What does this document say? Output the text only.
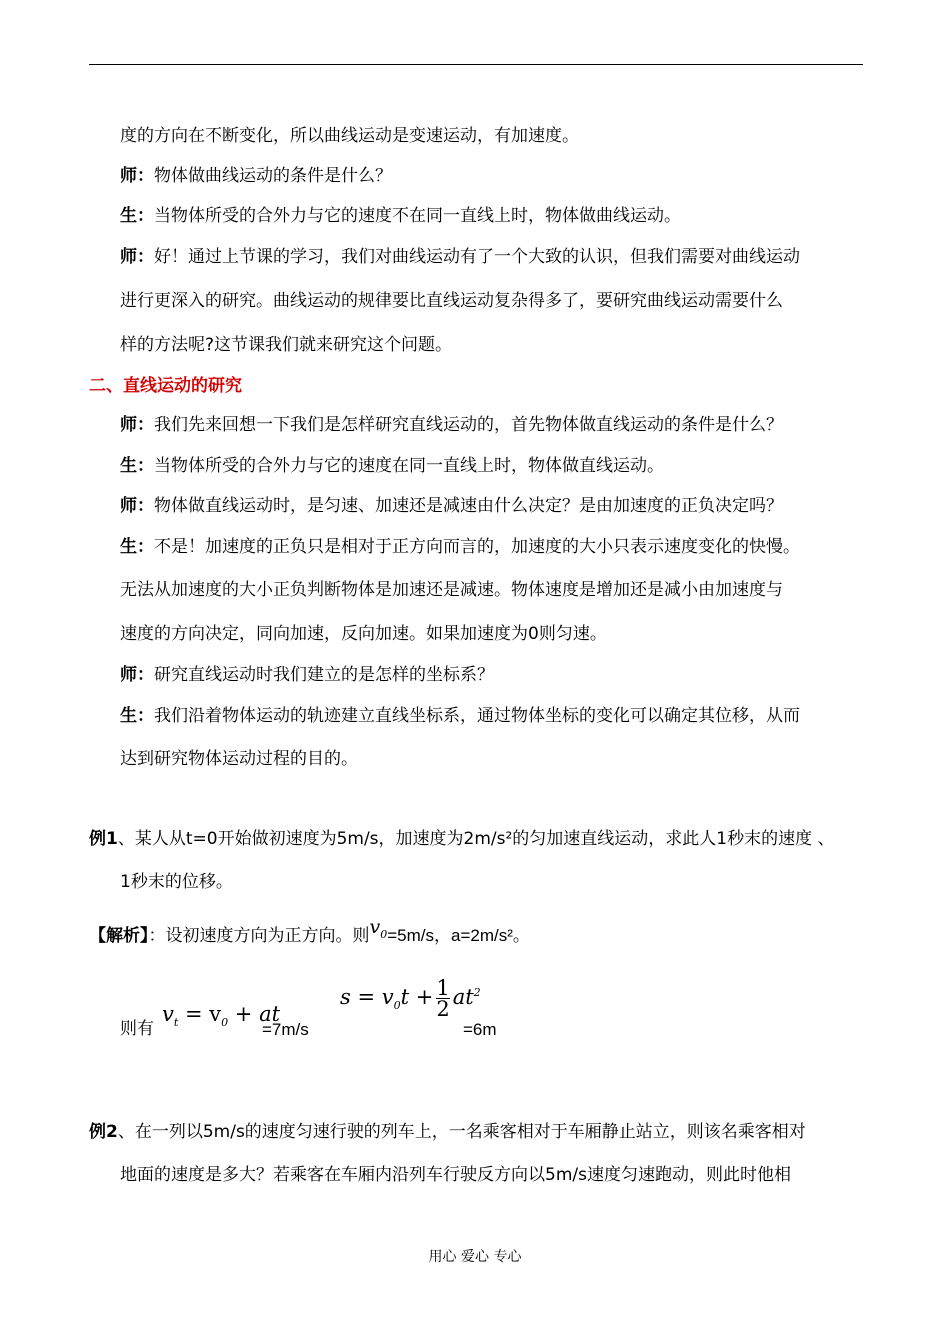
度的方向在不断变化，所以曲线运动是变速运动，有加速度。
师：物体做曲线运动的条件是什么？
生：当物体所受的合外力与它的速度不在同一直线上时，物体做曲线运动。
师：好！通过上节课的学习，我们对曲线运动有了一个大致的认识，但我们需要对曲线运动
进行更深入的研究。曲线运动的规律要比直线运动复杂得多了，要研究曲线运动需要什么
样的方法呢?这节课我们就来研究这个问题。
二、直线运动的研究
师：我们先来回想一下我们是怎样研究直线运动的，首先物体做直线运动的条件是什么？
生：当物体所受的合外力与它的速度在同一直线上时，物体做直线运动。
师：物体做直线运动时，是匀速、加速还是减速由什么决定？是由加速度的正负决定吗？
生：不是！加速度的正负只是相对于正方向而言的，加速度的大小只表示速度变化的快慢。
无法从加速度的大小正负判断物体是加速还是减速。物体速度是增加还是减小由加速度与
速度的方向决定，同向加速，反向加速。如果加速度为0则匀速。
师：研究直线运动时我们建立的是怎样的坐标系？
生：我们沿着物体运动的轨迹建立直线坐标系，通过物体坐标的变化可以确定其位移，从而
达到研究物体运动过程的目的。
例1、某人从t=0开始做初速度为5m/s，加速度为2m/s²的匀加速直线运动，求此人1秒末的速度 、
1秒末的位移。
【解析】：设初速度方向为正方向。则$v_0=5m/s$，a=2m/s²。
则有
$v_t = v_0$ + at
=7m/s
$s = v_0t + \frac{1}{2} at^2$
=6m
例2、在一列以5m/s的速度匀速行驶的列车上，一名乘客相对于车厢静止站立，则该名乘客相对
地面的速度是多大？若乘客在车厢内沿列车行驶反方向以5m/s速度匀速跑动，则此时他相
用心 爱心 专心
